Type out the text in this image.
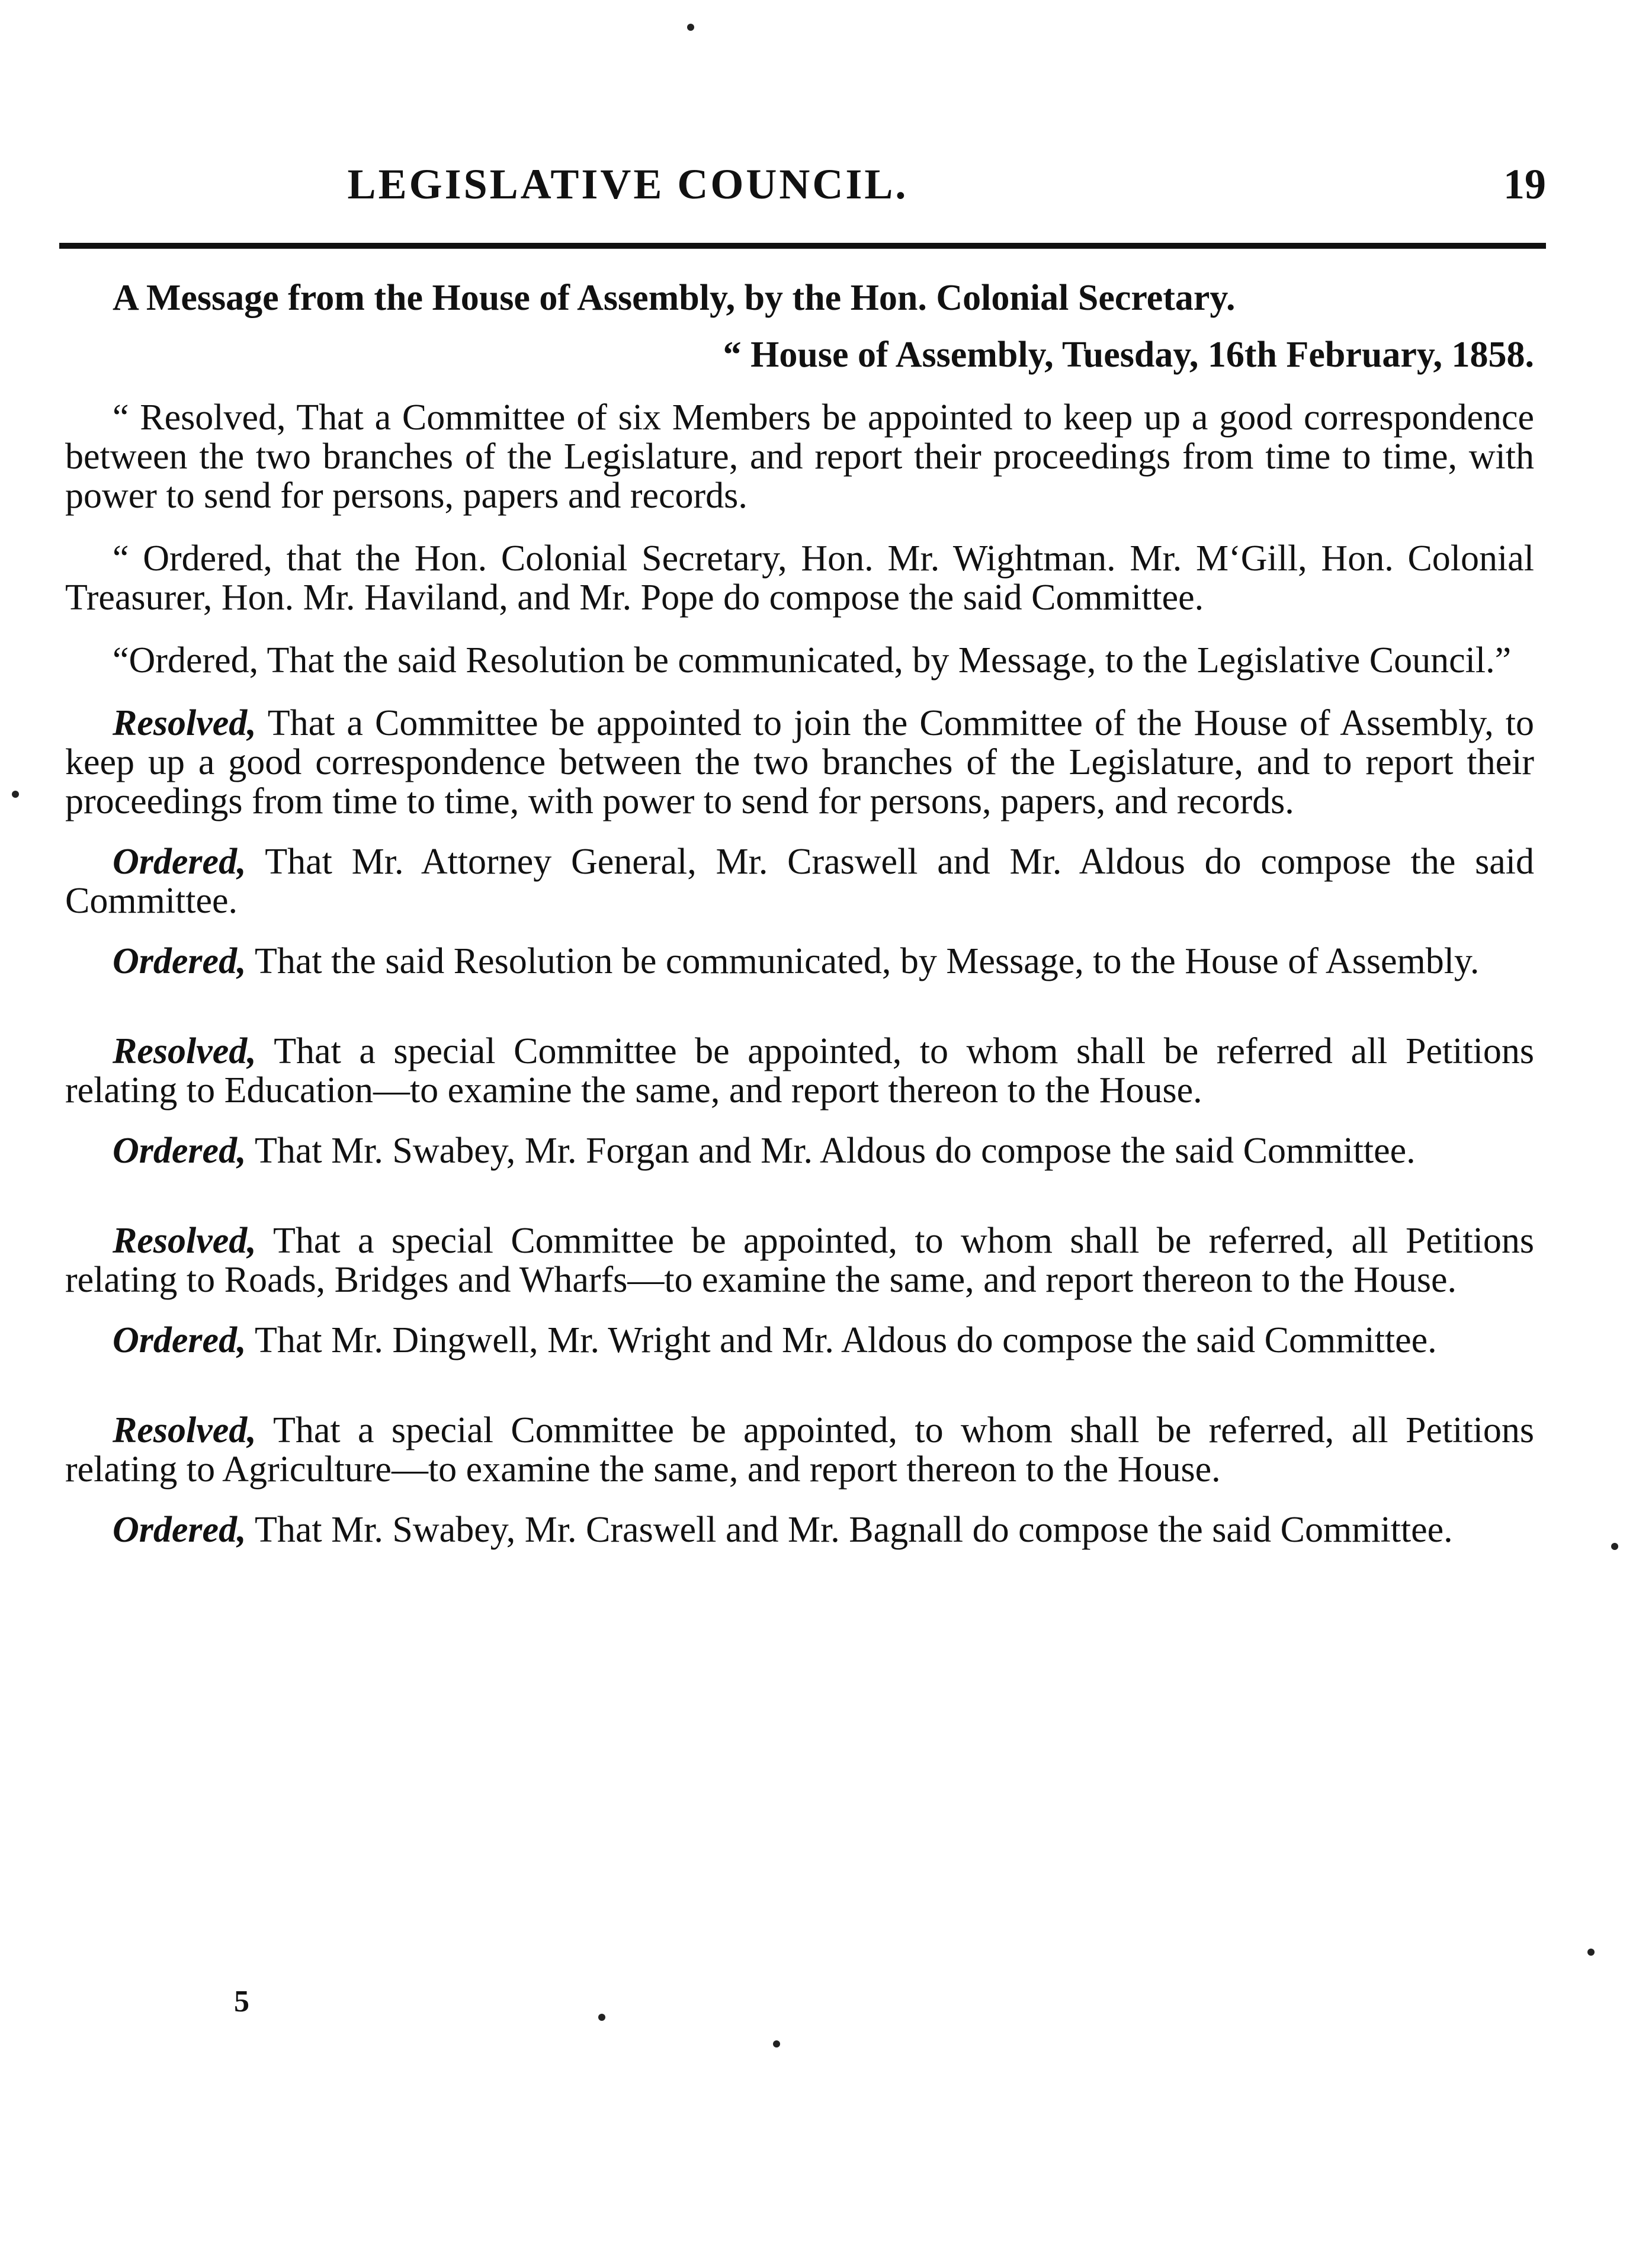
LEGISLATIVE COUNCIL.	19
A Message from the House of Assembly, by the Hon. Colonial Secretary.
“ House of Assembly, Tuesday, 16th February, 1858.

“ Resolved, That a Committee of six Members be appointed to keep up a good correspondence between the two branches of the Legislature, and report their proceedings from time to time, with power to send for persons, papers and records.

“ Ordered, that the Hon. Colonial Secretary, Hon. Mr. Wightman. Mr. M‘Gill, Hon. Colonial Treasurer, Hon. Mr. Haviland, and Mr. Pope do compose the said Committee.

“Ordered, That the said Resolution be communicated, by Message, to the Legislative Council.”

Resolved, That a Committee be appointed to join the Committee of the House of Assembly, to keep up a good correspondence between the two branches of the Legislature, and to report their proceedings from time to time, with power to send for persons, papers, and records.

Ordered, That Mr. Attorney General, Mr. Craswell and Mr. Aldous do compose the said Committee.

Ordered, That the said Resolution be communicated, by Message, to the House of Assembly.

Resolved, That a special Committee be appointed, to whom shall be referred all Petitions relating to Education—to examine the same, and report thereon to the House.

Ordered, That Mr. Swabey, Mr. Forgan and Mr. Aldous do compose the said Committee.

Resolved, That a special Committee be appointed, to whom shall be referred, all Petitions relating to Roads, Bridges and Wharfs—to examine the same, and report thereon to the House.

Ordered, That Mr. Dingwell, Mr. Wright and Mr. Aldous do compose the said Committee.

Resolved, That a special Committee be appointed, to whom shall be referred, all Petitions relating to Agriculture—to examine the same, and report thereon to the House.

Ordered, That Mr. Swabey, Mr. Craswell and Mr. Bagnall do compose the said Committee.

5
